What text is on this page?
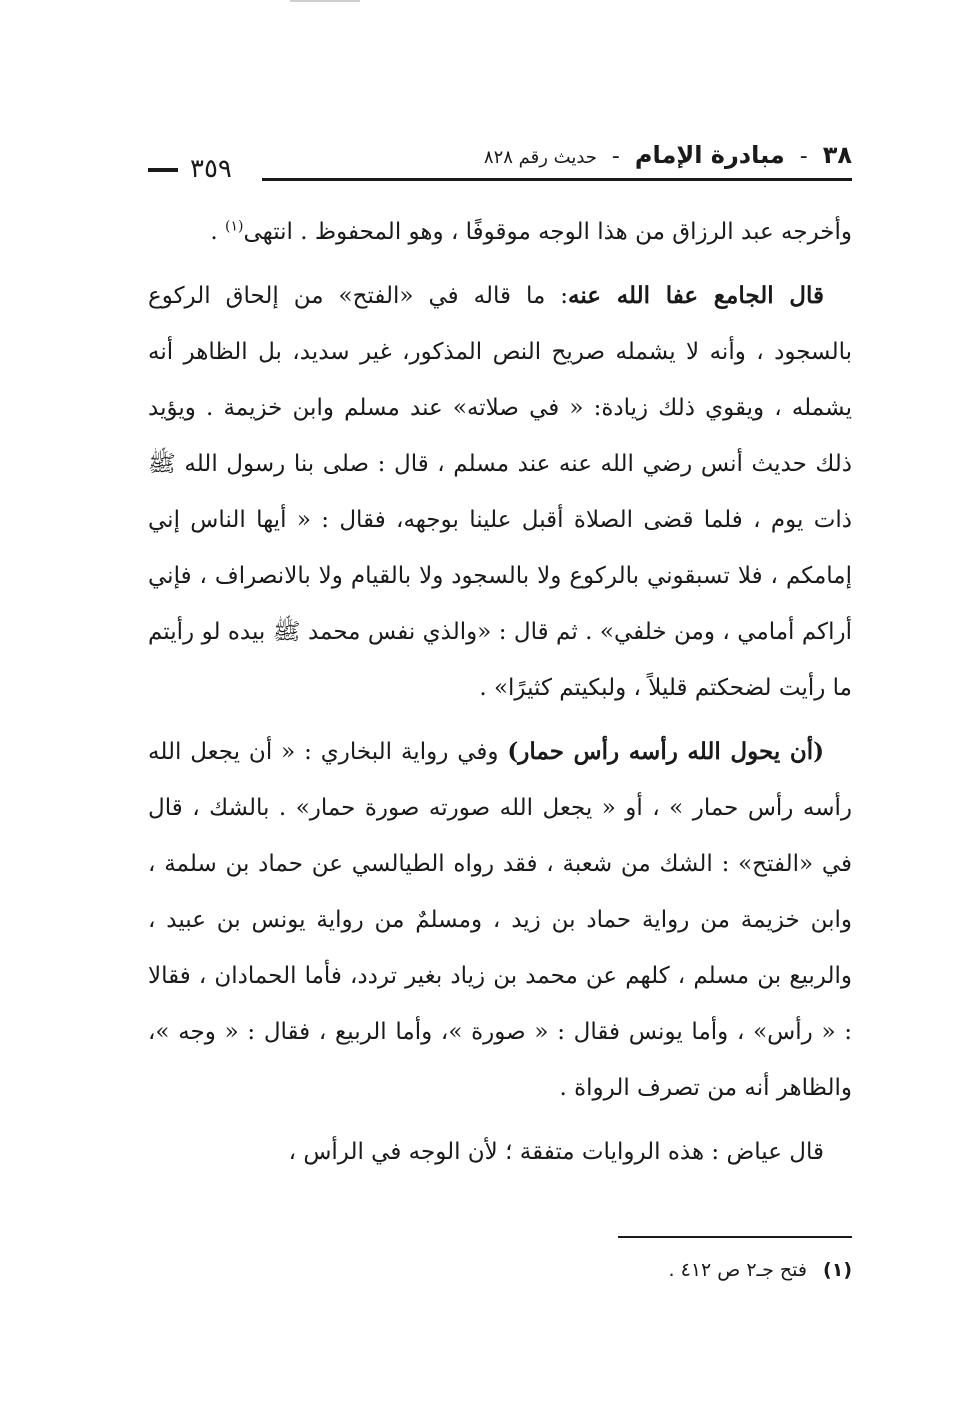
٣٨ - مبادرة الإمام - حديث رقم ٨٢٨
٣٥٩

وأخرجه عبد الرزاق من هذا الوجه موقوفًا ، وهو المحفوظ . انتهى$^{(١)}$ .

قال الجامع عفا الله عنه: ما قاله في «الفتح» من إلحاق الركوع بالسجود ، وأنه لا يشمله صريح النص المذكور، غير سديد، بل الظاهر أنه يشمله ، ويقوي ذلك زيادة: « في صلاته» عند مسلم وابن خزيمة . ويؤيد ذلك حديث أنس رضي الله عنه عند مسلم ، قال : صلى بنا رسول الله ﷺ ذات يوم ، فلما قضى الصلاة أقبل علينا بوجهه، فقال : « أيها الناس إني إمامكم ، فلا تسبقوني بالركوع ولا بالسجود ولا بالقيام ولا بالانصراف ، فإني أراكم أمامي ، ومن خلفي» . ثم قال : «والذي نفس محمد ﷺ بيده لو رأيتم ما رأيت لضحكتم قليلاً ، ولبكيتم كثيرًا» .

(أن يحول الله رأسه رأس حمار) وفي رواية البخاري : « أن يجعل الله رأسه رأس حمار » ، أو « يجعل الله صورته صورة حمار» . بالشك ، قال في «الفتح» : الشك من شعبة ، فقد رواه الطيالسي عن حماد بن سلمة ، وابن خزيمة من رواية حماد بن زيد ، ومسلمٌ من رواية يونس بن عبيد ، والربيع بن مسلم ، كلهم عن محمد بن زياد بغير تردد، فأما الحمادان ، فقالا : « رأس» ، وأما يونس فقال : « صورة »، وأما الربيع ، فقال : « وجه »، والظاهر أنه من تصرف الرواة .

قال عياض : هذه الروايات متفقة ؛ لأن الوجه في الرأس ،

(١) فتح جـ٢ ص ٤١٢ .
